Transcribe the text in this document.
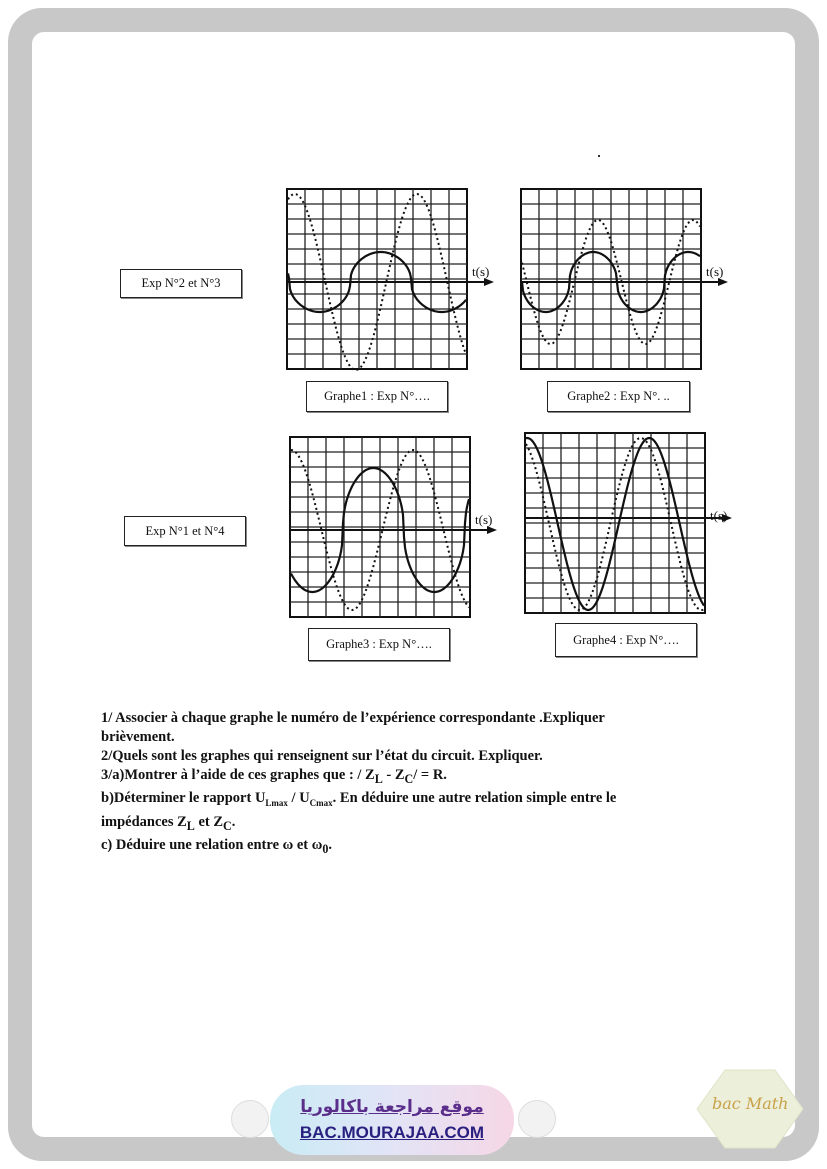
Exp N°2 et N°3
Exp N°1 et N°4
t(s)	t(s)
t(s)	t(s)
Graphe1 : Exp N°….	Graphe2 : Exp N°. ..
Graphe3 : Exp N°….	Graphe4 : Exp N°….

1/ Associer à chaque graphe le numéro de l’expérience correspondante .Expliquer

brièvement.

2/Quels sont les graphes qui renseignent sur l’état du circuit. Expliquer.

3/a)Montrer à l’aide de ces graphes que : / $Z_L - Z_C/ = R$.

b)Déterminer le rapport $U_{Lmax} / U_{Cmax}$. En déduire une autre relation simple entre le

impédances $Z_L$ et $Z_C$.

c) Déduire une relation entre ω et $\omega_0$.

موقع مراجعة باكالوريا
BAC.MOURAJAA.COM
bac Math
